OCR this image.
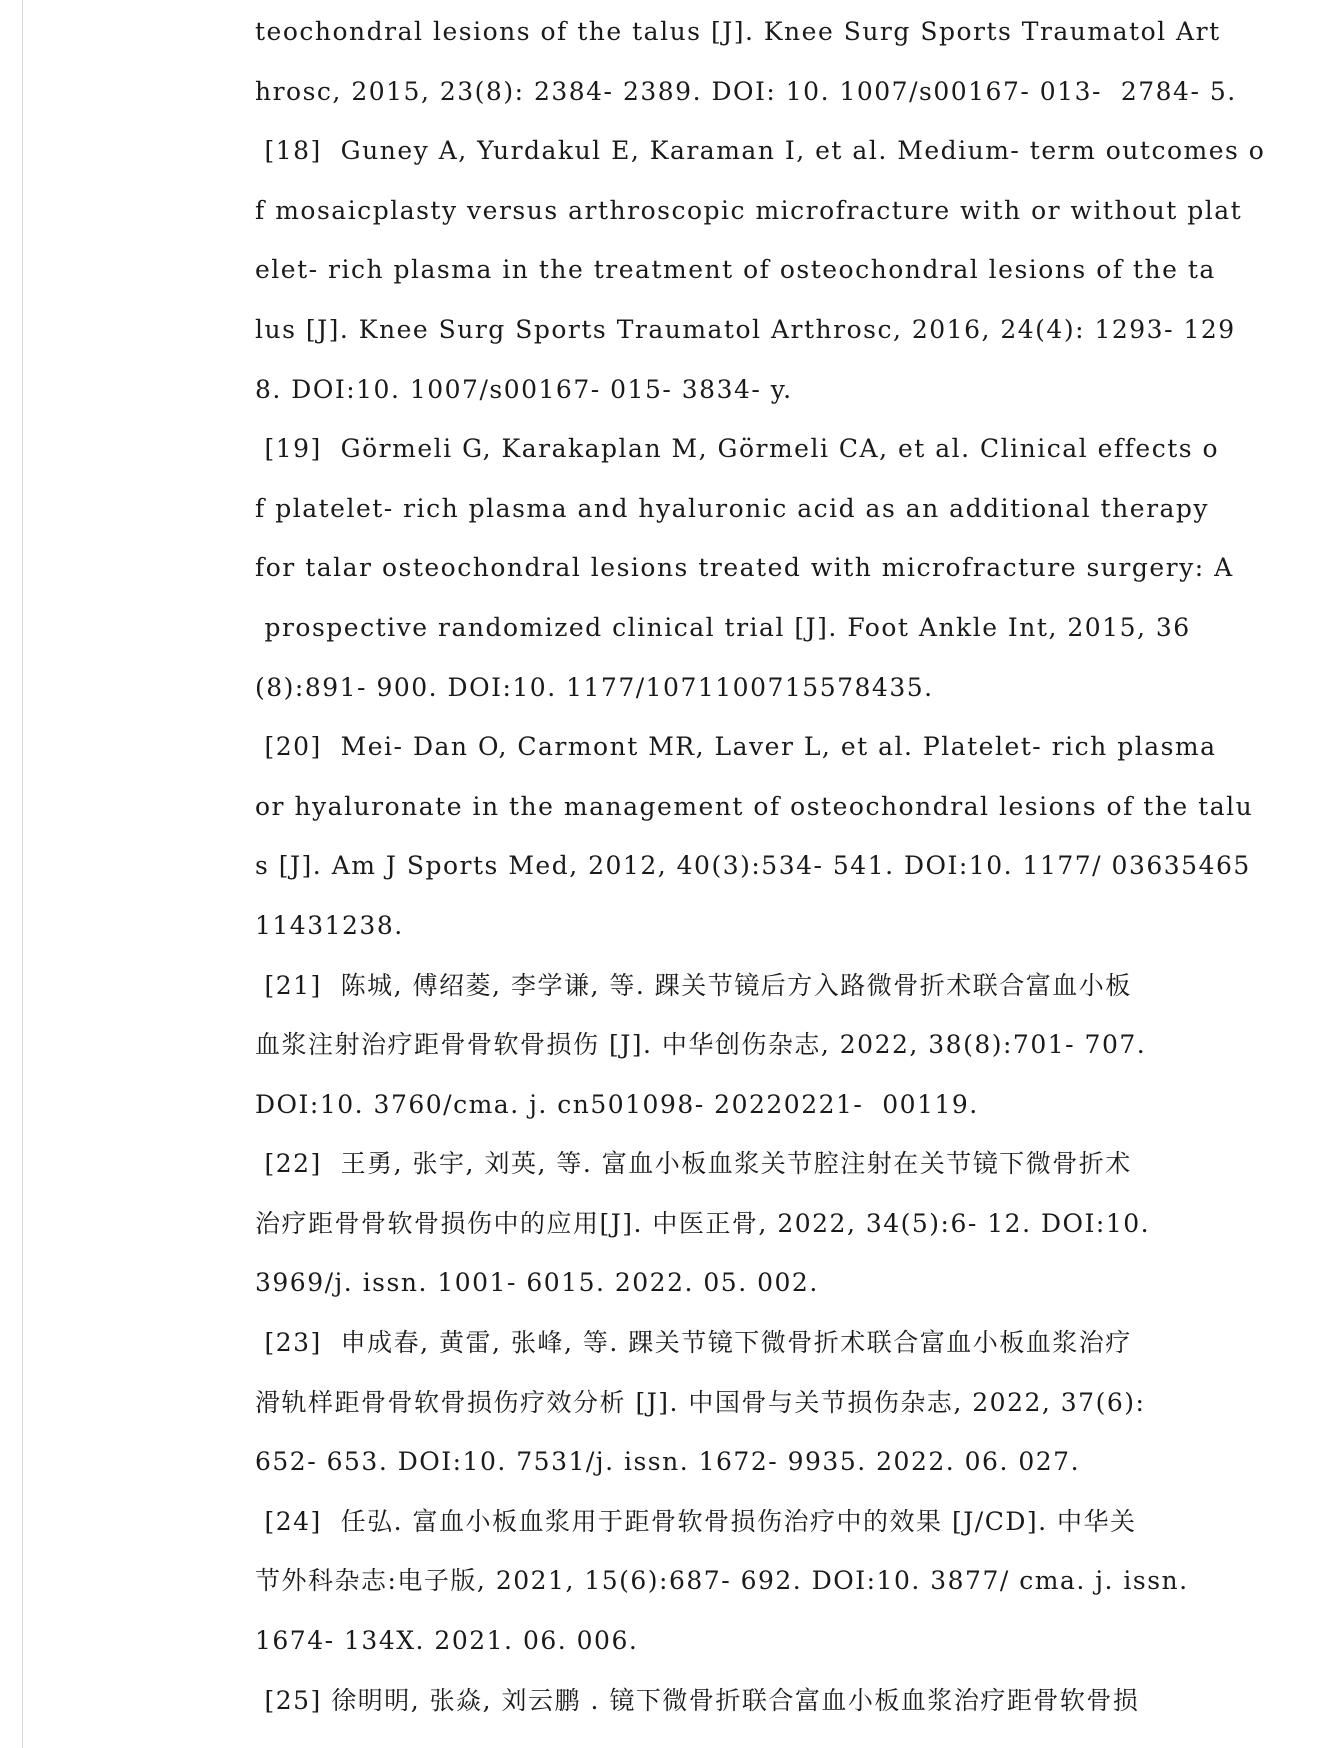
teochondral lesions of the talus [J]. Knee Surg Sports Traumatol Art
hrosc, 2015, 23(8): 2384- 2389. DOI: 10. 1007/s00167- 013-  2784- 5.
[18]  Guney A, Yurdakul E, Karaman I, et al. Medium- term outcomes o
f mosaicplasty versus arthroscopic microfracture with or without plat
elet- rich plasma in the treatment of osteochondral lesions of the ta
lus [J]. Knee Surg Sports Traumatol Arthrosc, 2016, 24(4): 1293- 129
8. DOI:10. 1007/s00167- 015- 3834- y.
[19]  Görmeli G, Karakaplan M, Görmeli CA, et al. Clinical effects o
f platelet- rich plasma and hyaluronic acid as an additional therapy
for talar osteochondral lesions treated with microfracture surgery: A
prospective randomized clinical trial [J]. Foot Ankle Int, 2015, 36
(8):891- 900. DOI:10. 1177/1071100715578435.
[20]  Mei- Dan O, Carmont MR, Laver L, et al. Platelet- rich plasma
or hyaluronate in the management of osteochondral lesions of the talu
s [J]. Am J Sports Med, 2012, 40(3):534- 541. DOI:10. 1177/ 03635465
11431238.
[21]  陈城, 傅绍菱, 李学谦, 等. 踝关节镜后方入路微骨折术联合富血小板
血浆注射治疗距骨骨软骨损伤 [J]. 中华创伤杂志, 2022, 38(8):701- 707.
DOI:10. 3760/cma. j. cn501098- 20220221-  00119.
[22]  王勇, 张宇, 刘英, 等. 富血小板血浆关节腔注射在关节镜下微骨折术
治疗距骨骨软骨损伤中的应用[J]. 中医正骨, 2022, 34(5):6- 12. DOI:10.
3969/j. issn. 1001- 6015. 2022. 05. 002.
[23]  申成春, 黄雷, 张峰, 等. 踝关节镜下微骨折术联合富血小板血浆治疗
滑轨样距骨骨软骨损伤疗效分析 [J]. 中国骨与关节损伤杂志, 2022, 37(6):
652- 653. DOI:10. 7531/j. issn. 1672- 9935. 2022. 06. 027.
[24]  任弘. 富血小板血浆用于距骨软骨损伤治疗中的效果 [J/CD]. 中华关
节外科杂志:电子版, 2021, 15(6):687- 692. DOI:10. 3877/ cma. j. issn.
1674- 134X. 2021. 06. 006.
[25] 徐明明, 张焱, 刘云鹏 . 镜下微骨折联合富血小板血浆治疗距骨软骨损
